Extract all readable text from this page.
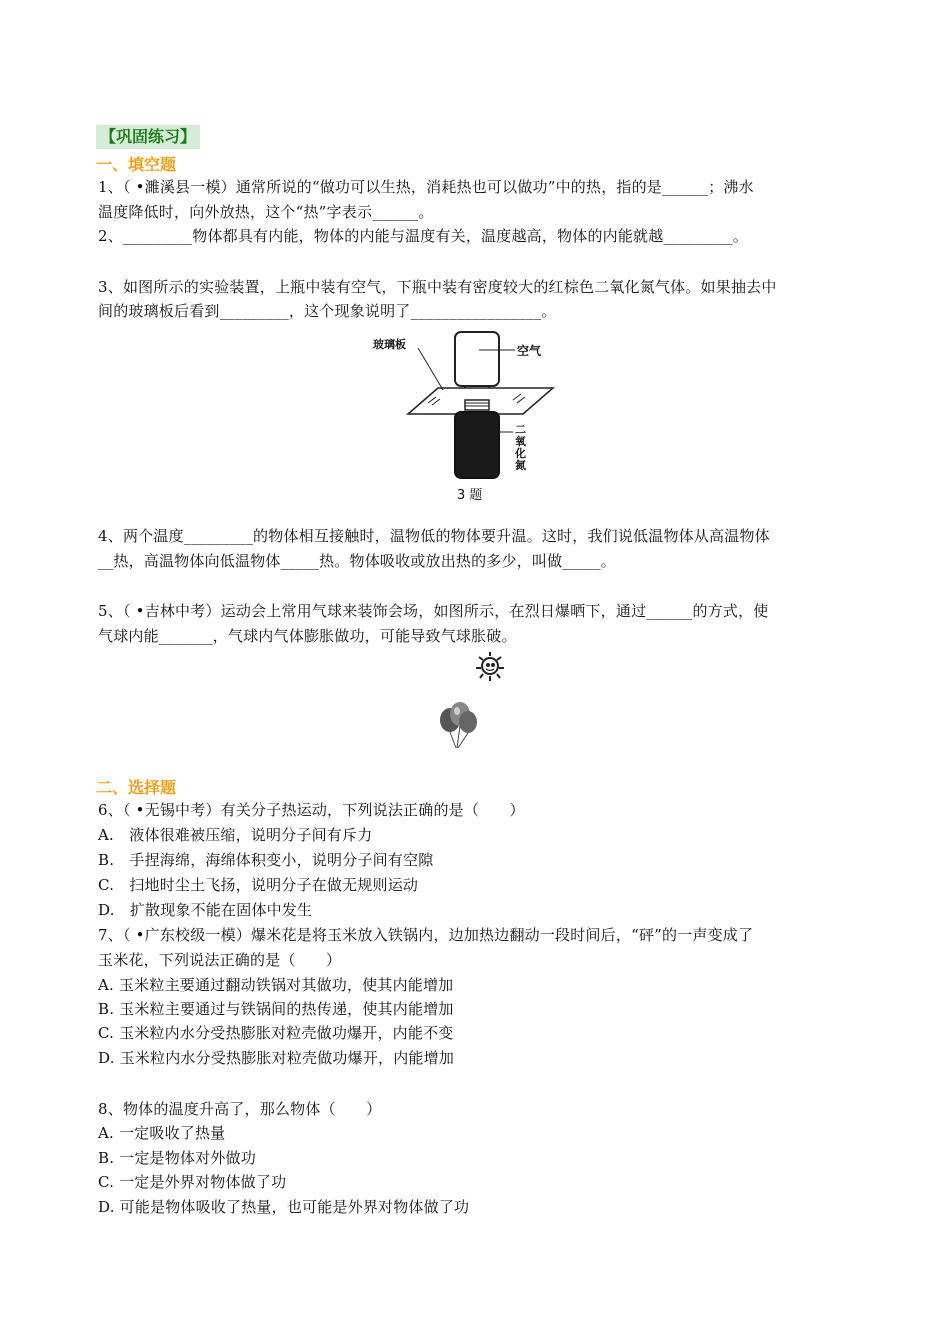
【巩固练习】
一、填空题
1、（ •濉溪县一模）通常所说的“做功可以生热，消耗热也可以做功”中的热，指的是______；沸水
温度降低时，向外放热，这个“热”字表示______。
2、_________物体都具有内能，物体的内能与温度有关，温度越高，物体的内能就越_________。
3、如图所示的实验装置，上瓶中装有空气，下瓶中装有密度较大的红棕色二氧化氮气体。如果抽去中
间的玻璃板后看到_________，这个现象说明了_________________。
玻璃板	空气
二
氧
化
氮
3 题
4、两个温度_________的物体相互接触时，温物低的物体要升温。这时，我们说低温物体从高温物体
__热，高温物体向低温物体_____热。物体吸收或放出热的多少，叫做_____。
5、（ •吉林中考）运动会上常用气球来装饰会场，如图所示，在烈日爆晒下，通过______的方式，使
气球内能_______，气球内气体膨胀做功，可能导致气球胀破。
二、选择题
6、（ •无锡中考）有关分子热运动，下列说法正确的是（　　）
A.　液体很难被压缩，说明分子间有斥力
B.　手捏海绵，海绵体积变小，说明分子间有空隙
C.　扫地时尘土飞扬，说明分子在做无规则运动
D.　扩散现象不能在固体中发生
7、（ •广东校级一模）爆米花是将玉米放入铁锅内，边加热边翻动一段时间后，“砰”的一声变成了
玉米花，下列说法正确的是（　　）
A. 玉米粒主要通过翻动铁锅对其做功，使其内能增加
B. 玉米粒主要通过与铁锅间的热传递，使其内能增加
C. 玉米粒内水分受热膨胀对粒壳做功爆开，内能不变
D. 玉米粒内水分受热膨胀对粒壳做功爆开，内能增加
8、物体的温度升高了，那么物体（　　）
A. 一定吸收了热量
B. 一定是物体对外做功
C. 一定是外界对物体做了功
D. 可能是物体吸收了热量，也可能是外界对物体做了功
